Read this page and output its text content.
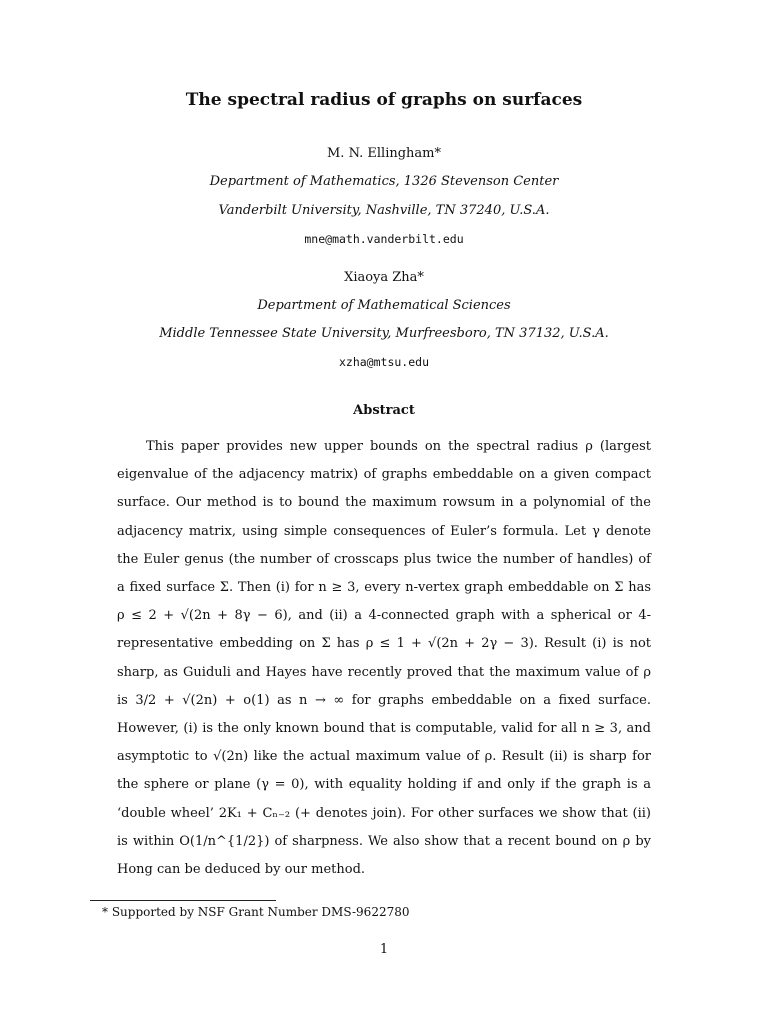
The spectral radius of graphs on surfaces
M. N. Ellingham*
Department of Mathematics, 1326 Stevenson Center
Vanderbilt University, Nashville, TN 37240, U.S.A.
mne@math.vanderbilt.edu
Xiaoya Zha*
Department of Mathematical Sciences
Middle Tennessee State University, Murfreesboro, TN 37132, U.S.A.
xzha@mtsu.edu
Abstract

This paper provides new upper bounds on the spectral radius ρ (largest eigenvalue of the adjacency matrix) of graphs embeddable on a given compact surface. Our method is to bound the maximum rowsum in a polynomial of the adjacency matrix, using simple consequences of Euler’s formula. Let γ denote the Euler genus (the number of crosscaps plus twice the number of handles) of a fixed surface Σ. Then (i) for n ≥ 3, every n-vertex graph embeddable on Σ has ρ ≤ 2 + √(2n + 8γ − 6), and (ii) a 4-connected graph with a spherical or 4-representative embedding on Σ has ρ ≤ 1 + √(2n + 2γ − 3). Result (i) is not sharp, as Guiduli and Hayes have recently proved that the maximum value of ρ is 3/2 + √(2n) + o(1) as n → ∞ for graphs embeddable on a fixed surface. However, (i) is the only known bound that is computable, valid for all n ≥ 3, and asymptotic to √(2n) like the actual maximum value of ρ. Result (ii) is sharp for the sphere or plane (γ = 0), with equality holding if and only if the graph is a ‘double wheel’ 2K₁ + Cₙ₋₂ (+ denotes join). For other surfaces we show that (ii) is within O(1/n^{1/2}) of sharpness. We also show that a recent bound on ρ by Hong can be deduced by our method.

* Supported by NSF Grant Number DMS-9622780
1
